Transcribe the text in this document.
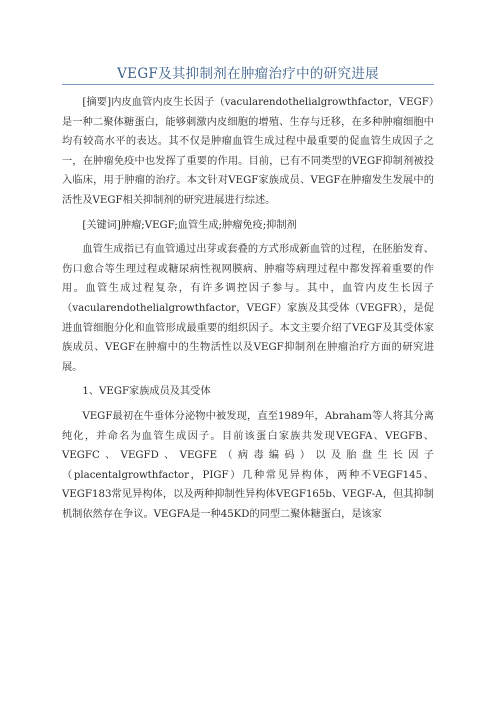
VEGF及其抑制剂在肿瘤治疗中的研究进展

[摘要]内皮血管内皮生长因子（vacularendothelialgrowthfactor，VEGF）是一种二聚体糖蛋白，能够刺激内皮细胞的增殖、生存与迁移，在多种肿瘤细胞中均有较高水平的表达。其不仅是肿瘤血管生成过程中最重要的促血管生成因子之一，在肿瘤免疫中也发挥了重要的作用。目前，已有不同类型的VEGF抑制剂被投入临床，用于肿瘤的治疗。本文针对VEGF家族成员、VEGF在肿瘤发生发展中的活性及VEGF相关抑制剂的研究进展进行综述。

[关键词]肿瘤;VEGF;血管生成;肿瘤免疫;抑制剂

血管生成指已有血管通过出芽或套叠的方式形成新血管的过程，在胚胎发育、伤口愈合等生理过程或糖尿病性视网膜病、肿瘤等病理过程中都发挥着重要的作用。血管生成过程复杂，有许多调控因子参与。其中，血管内皮生长因子（vacularendothelialgrowthfactor，VEGF）家族及其受体（VEGFR），是促进血管细胞分化和血管形成最重要的组织因子。本文主要介绍了VEGF及其受体家族成员、VEGF在肿瘤中的生物活性以及VEGF抑制剂在肿瘤治疗方面的研究进展。

1、VEGF家族成员及其受体

VEGF最初在牛垂体分泌物中被发现，直至1989年，Abraham等人将其分离纯化，并命名为血管生成因子。目前该蛋白家族共发现VEGFA、VEGFB、VEGFC、VEGFD、VEGFE（病毒编码）以及胎盘生长因子（placentalgrowthfactor，PIGF）几种常见异构体，两种不VEGF145、VEGF183常见异构体，以及两种抑制性异构体VEGF165b、VEGF-A，但其抑制机制依然存在争议。VEGFA是一种45KD的同型二聚体糖蛋白，是该家
